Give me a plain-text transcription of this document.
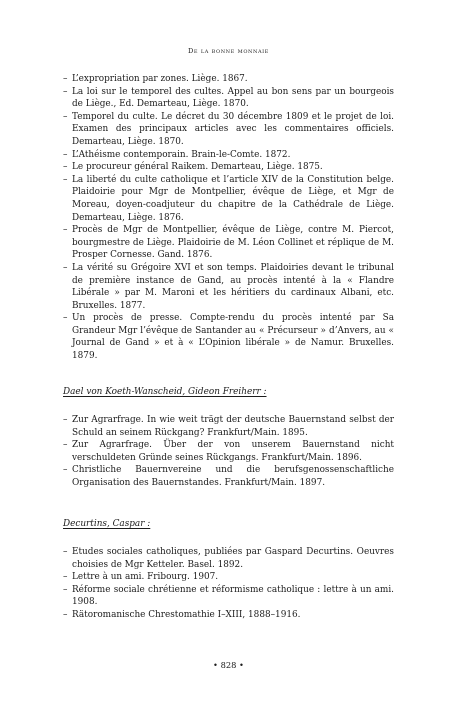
De la bonne monnaie
– L’expropriation par zones. Liège. 1867.
– La loi sur le temporel des cultes. Appel au bon sens par un bourgeois de Liège., Ed. Demarteau, Liège. 1870.
– Temporel du culte. Le décret du 30 décembre 1809 et le projet de loi. Examen des principaux articles avec les commentaires officiels. Demarteau, Liège. 1870.
– L’Athéisme contemporain. Brain-le-Comte. 1872.
– Le procureur général Raikem. Demarteau, Liège. 1875.
– La liberté du culte catholique et l’article XIV de la Constitution belge. Plaidoirie pour Mgr de Montpellier, évêque de Liège, et Mgr de Moreau, doyen-coadjuteur du chapitre de la Cathédrale de Liège. Demarteau, Liège. 1876.
– Procès de Mgr de Montpellier, évêque de Liège, contre M. Piercot, bourgmestre de Liège. Plaidoirie de M. Léon Collinet et réplique de M. Prosper Cornesse. Gand. 1876.
– La vérité su Grégoire XVI et son temps. Plaidoiries devant le tribunal de première instance de Gand, au procès intenté à la « Flandre Libérale » par M. Maroni et les héritiers du cardinaux Albani, etc. Bruxelles. 1877.
– Un procès de presse. Compte-rendu du procès intenté par Sa Grandeur Mgr l’évêque de Santander au « Précurseur » d’Anvers, au « Journal de Gand » et à « L’Opinion libérale » de Namur. Bruxelles. 1879.
Dael von Koeth-Wanscheid, Gideon Freiherr :
– Zur Agrarfrage. In wie weit trägt der deutsche Bauernstand selbst der Schuld an seinem Rückgang? Frankfurt/Main. 1895.
– Zur Agrarfrage. Über der von unserem Bauernstand nicht verschuldeten Gründe seines Rückgangs. Frankfurt/Main. 1896.
– Christliche Bauernvereine und die berufsgenossenschaftliche Organisation des Bauernstandes. Frankfurt/Main. 1897.
Decurtins, Caspar :
– Etudes sociales catholiques, publiées par Gaspard Decurtins. Oeuvres choisies de Mgr Ketteler. Basel. 1892.
– Lettre à un ami. Fribourg. 1907.
– Réforme sociale chrétienne et réformisme catholique : lettre à un ami. 1908.
– Rätoromanische Chrestomathie I–XIII, 1888–1916.
• 828 •
